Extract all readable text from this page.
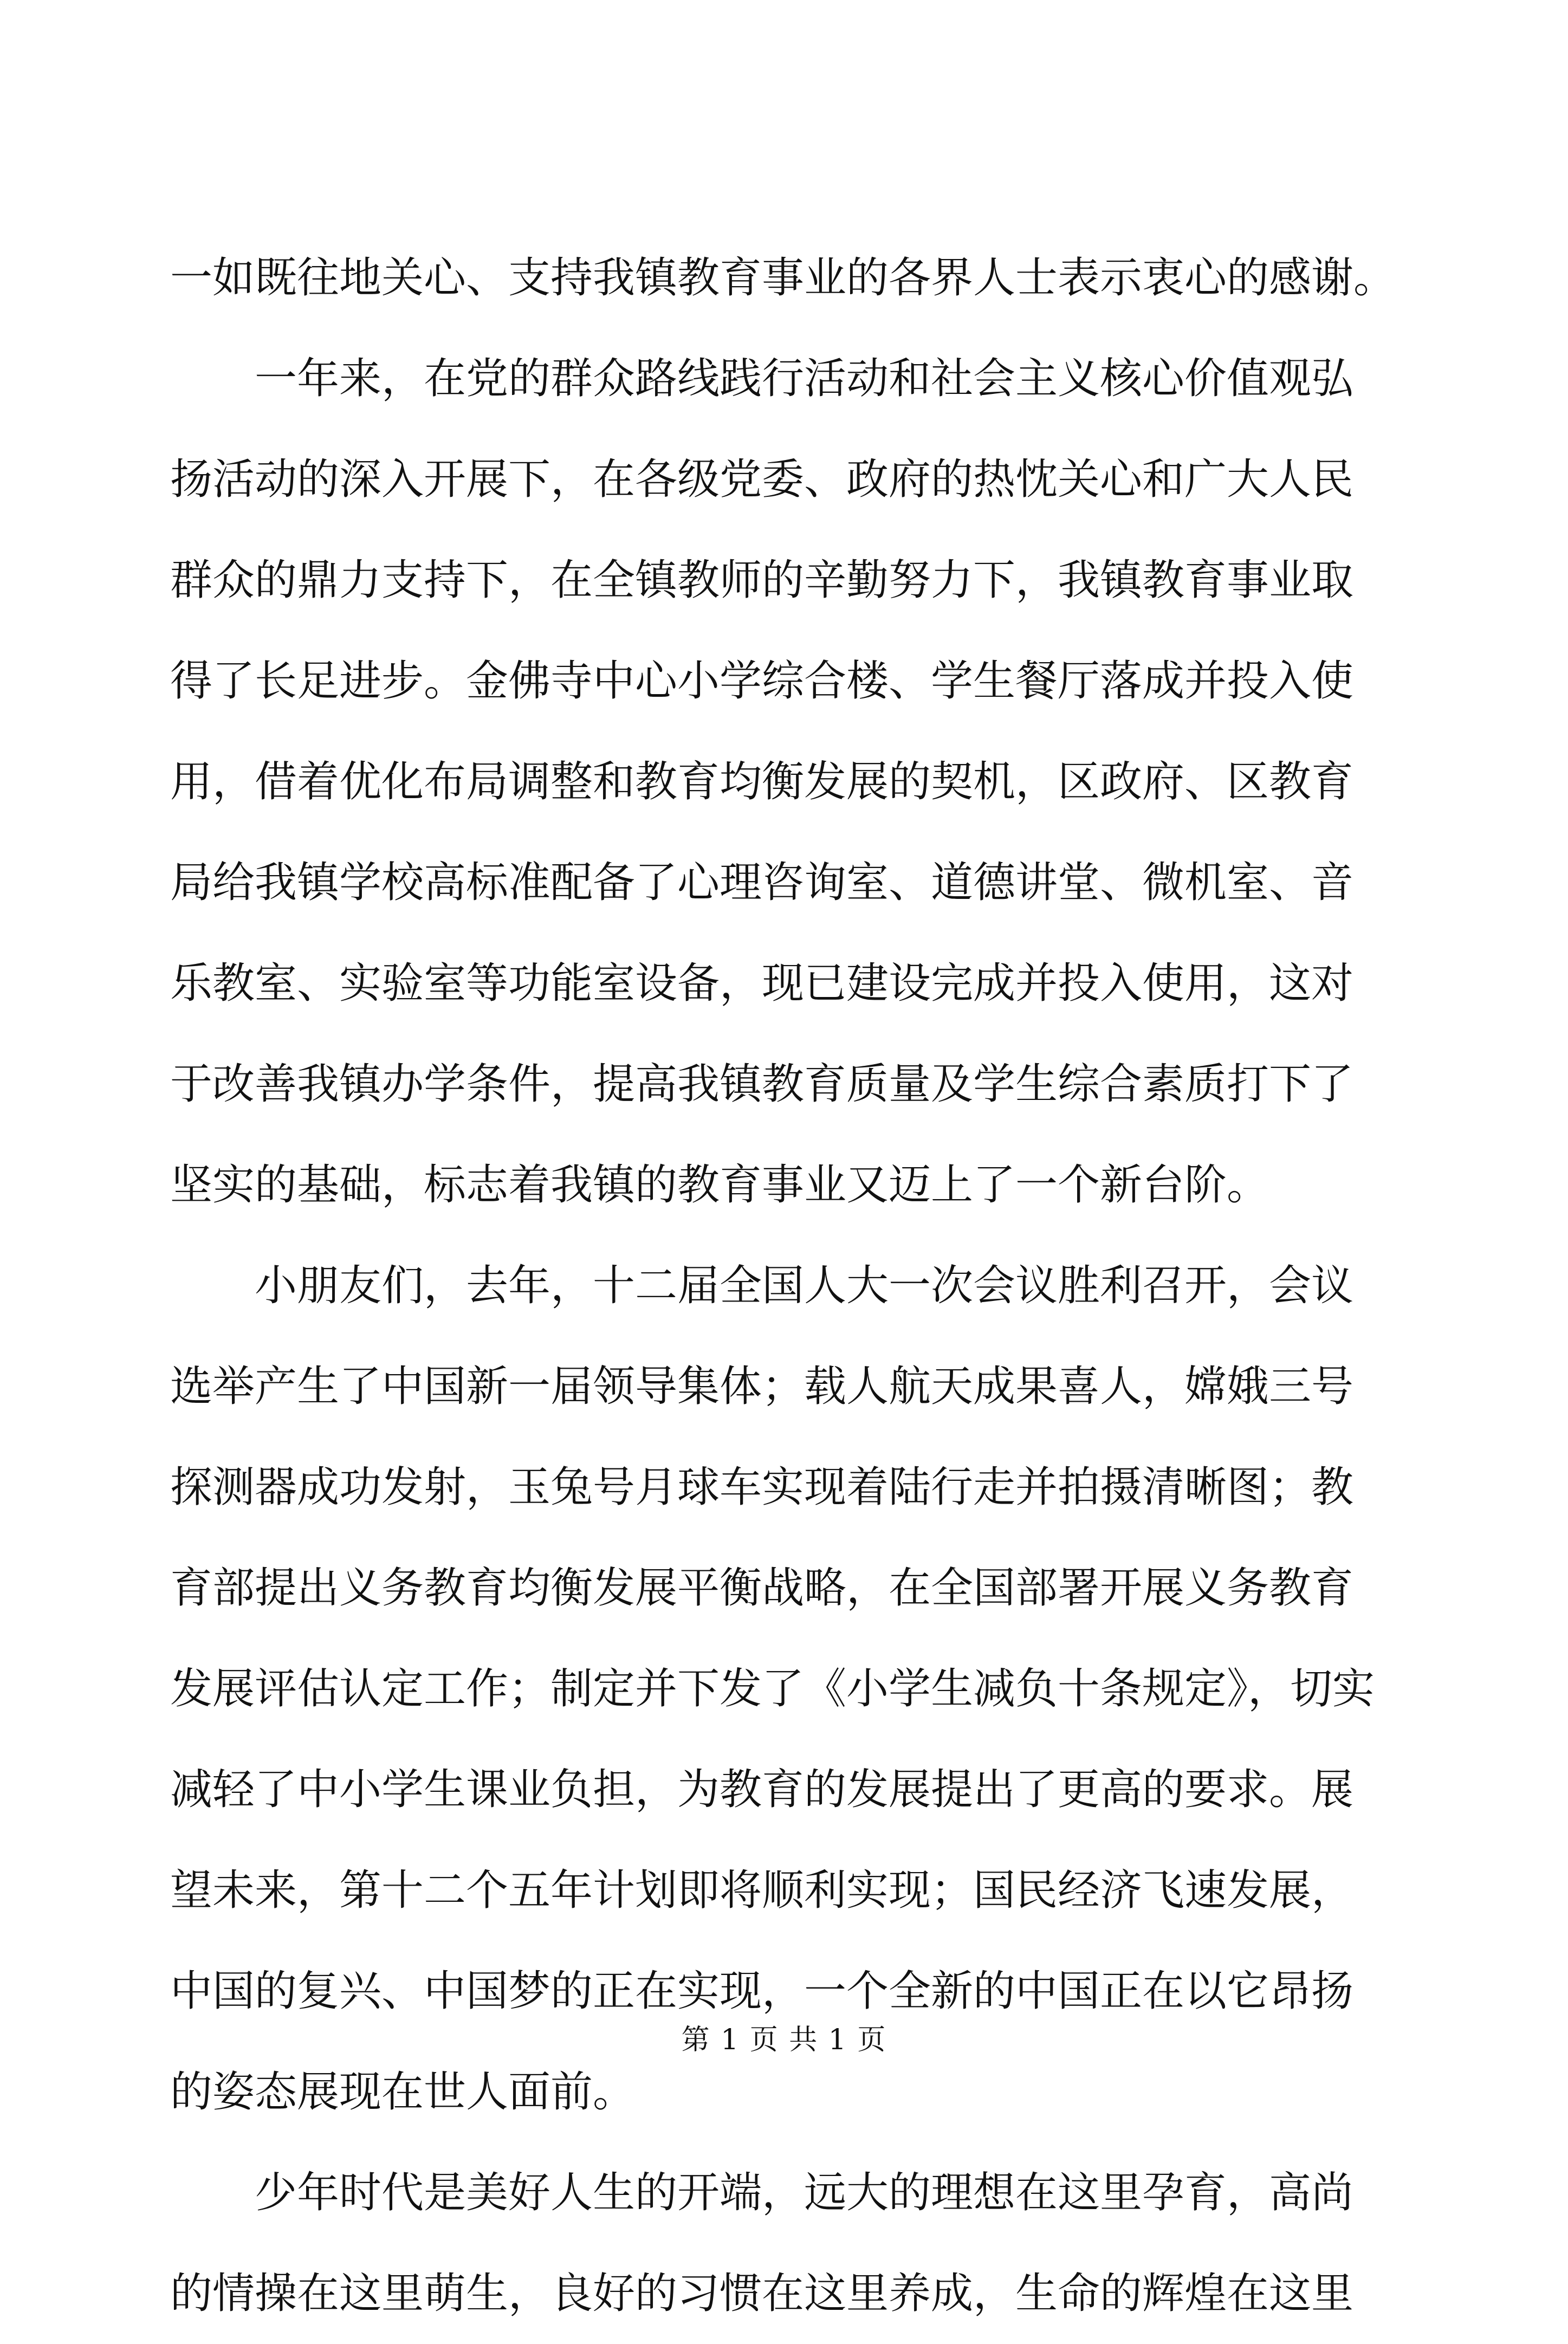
一如既往地关心、支持我镇教育事业的各界人士表示衷心的感谢。
　　一年来，在党的群众路线践行活动和社会主义核心价值观弘
扬活动的深入开展下，在各级党委、政府的热忱关心和广大人民
群众的鼎力支持下，在全镇教师的辛勤努力下，我镇教育事业取
得了长足进步。金佛寺中心小学综合楼、学生餐厅落成并投入使
用，借着优化布局调整和教育均衡发展的契机，区政府、区教育
局给我镇学校高标准配备了心理咨询室、道德讲堂、微机室、音
乐教室、实验室等功能室设备，现已建设完成并投入使用，这对
于改善我镇办学条件，提高我镇教育质量及学生综合素质打下了
坚实的基础，标志着我镇的教育事业又迈上了一个新台阶。
　　小朋友们，去年，十二届全国人大一次会议胜利召开，会议
选举产生了中国新一届领导集体；载人航天成果喜人，嫦娥三号
探测器成功发射，玉兔号月球车实现着陆行走并拍摄清晰图；教
育部提出义务教育均衡发展平衡战略，在全国部署开展义务教育
发展评估认定工作；制定并下发了《小学生减负十条规定》，切实
减轻了中小学生课业负担，为教育的发展提出了更高的要求。展
望未来，第十二个五年计划即将顺利实现；国民经济飞速发展，
中国的复兴、中国梦的正在实现，一个全新的中国正在以它昂扬
的姿态展现在世人面前。
　　少年时代是美好人生的开端，远大的理想在这里孕育，高尚
的情操在这里萌生，良好的习惯在这里养成，生命的辉煌在这里
第 1 页 共 1 页
